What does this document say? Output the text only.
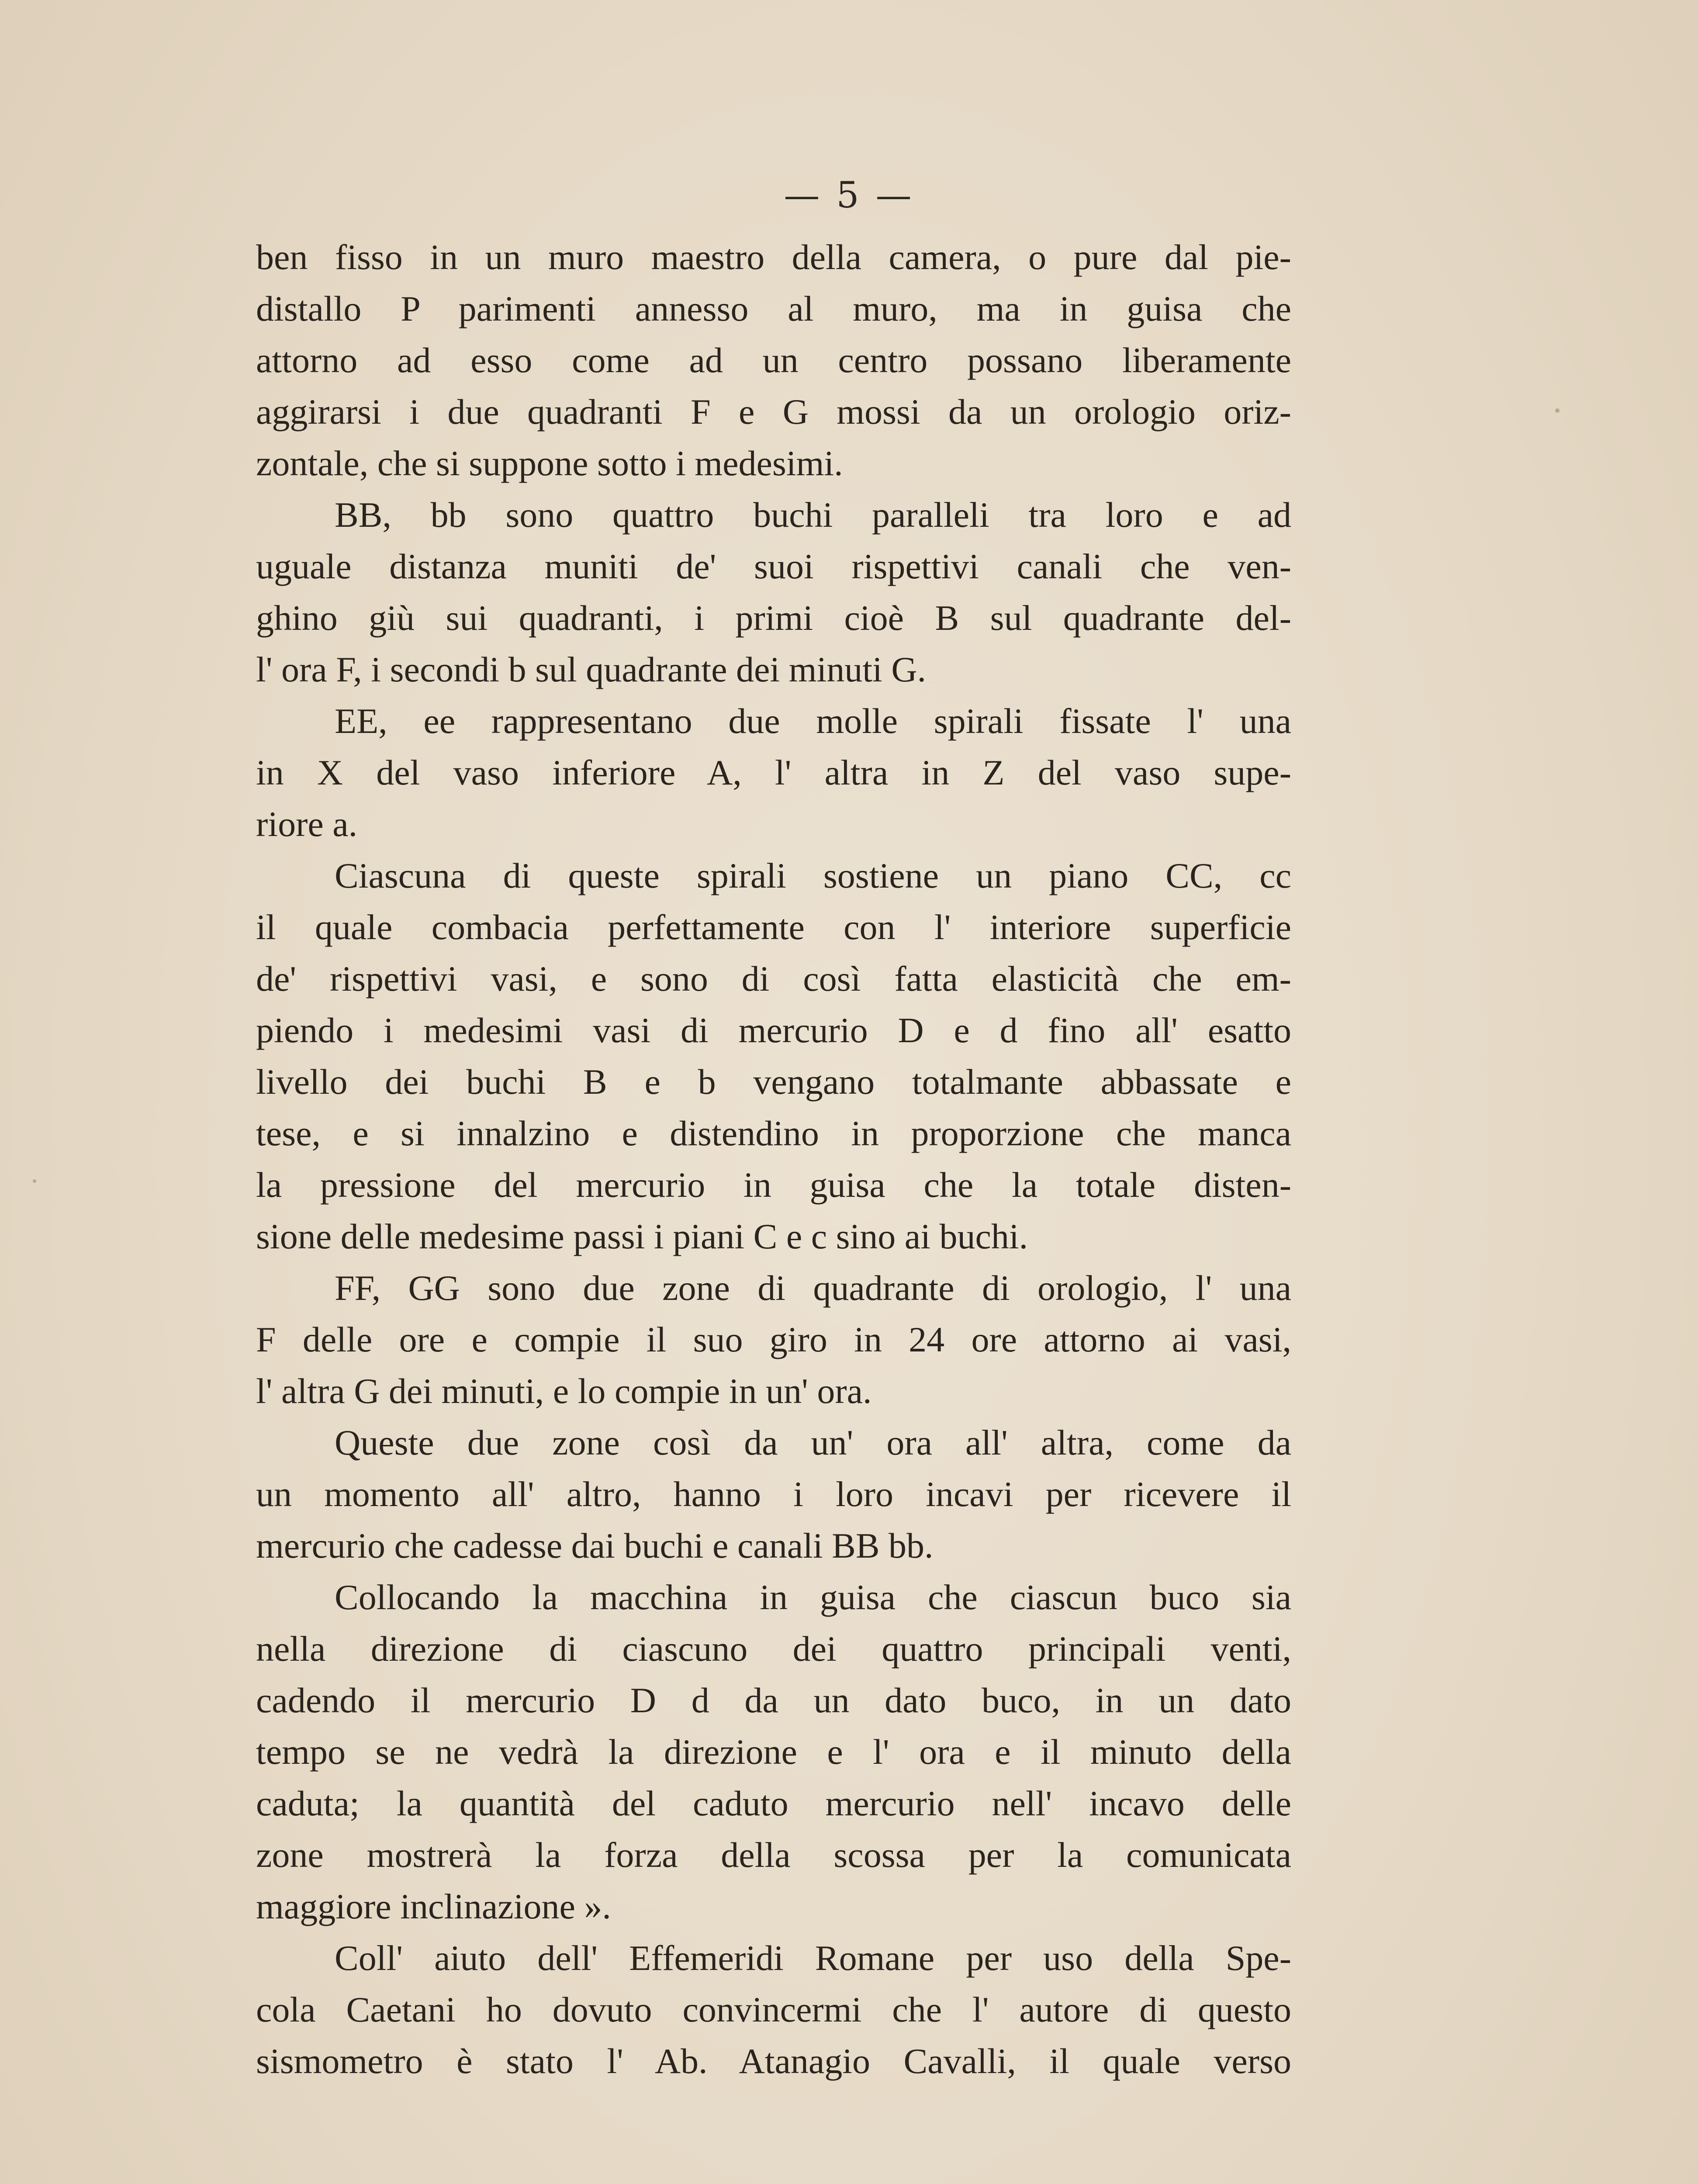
— 5 —
ben fisso in un muro maestro della camera, o pure dal pie-
distallo P parimenti annesso al muro, ma in guisa che
attorno ad esso come ad un centro possano liberamente
aggirarsi i due quadranti F e G mossi da un orologio oriz-
zontale, che si suppone sotto i medesimi.
BB, bb sono quattro buchi paralleli tra loro e ad
uguale distanza muniti de' suoi rispettivi canali che ven-
ghino giù sui quadranti, i primi cioè B sul quadrante del-
l' ora F, i secondi b sul quadrante dei minuti G.
EE, ee rappresentano due molle spirali fissate l' una
in X del vaso inferiore A, l' altra in Z del vaso supe-
riore a.
Ciascuna di queste spirali sostiene un piano CC, cc
il quale combacia perfettamente con l' interiore superficie
de' rispettivi vasi, e sono di così fatta elasticità che em-
piendo i medesimi vasi di mercurio D e d fino all' esatto
livello dei buchi B e b vengano totalmante abbassate e
tese, e si innalzino e distendino in proporzione che manca
la pressione del mercurio in guisa che la totale disten-
sione delle medesime passi i piani C e c sino ai buchi.
FF, GG sono due zone di quadrante di orologio, l' una
F delle ore e compie il suo giro in 24 ore attorno ai vasi,
l' altra G dei minuti, e lo compie in un' ora.
Queste due zone così da un' ora all' altra, come da
un momento all' altro, hanno i loro incavi per ricevere il
mercurio che cadesse dai buchi e canali BB bb.
Collocando la macchina in guisa che ciascun buco sia
nella direzione di ciascuno dei quattro principali venti,
cadendo il mercurio D d da un dato buco, in un dato
tempo se ne vedrà la direzione e l' ora e il minuto della
caduta; la quantità del caduto mercurio nell' incavo delle
zone mostrerà la forza della scossa per la comunicata
maggiore inclinazione ».
Coll' aiuto dell' Effemeridi Romane per uso della Spe-
cola Caetani ho dovuto convincermi che l' autore di questo
sismometro è stato l' Ab. Atanagio Cavalli, il quale verso
